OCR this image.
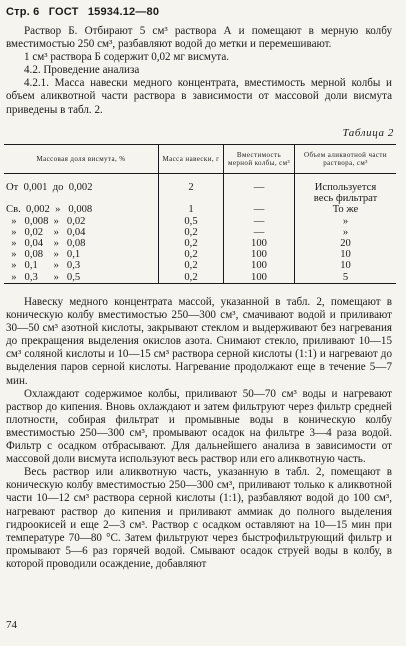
Стр. 6 ГОСТ 15934.12—80

Раствор Б. Отбирают 5 см³ раствора А и помещают в мерную колбу вместимостью 250 см³, разбавляют водой до метки и перемешивают.

1 см³ раствора Б содержит 0,02 мг висмута.

4.2. Проведение анализа

4.2.1. Масса навески медного концентрата, вместимость мерной колбы и объем аликвотной части раствора в зависимости от массовой доли висмута приведены в табл. 2.

Таблица 2
Массовая доля висмута, %	Масса навески, г	Вместимость мерной колбы, см³	Объем аликвотной части раствора, см³

От  0,001  до  0,002	2	—	Используется
			весь фильтрат
Св.  0,002  »   0,008	1	—	То же
»   0,008  »   0,02	0,5	—	»
»   0,02    »   0,04	0,2	—	»
»   0,04    »   0,08	0,2	100	20
»   0,08    »   0,1	0,2	100	10
»   0,1      »   0,3	0,2	100	10
»   0,3      »   0,5	0,2	100	5

Навеску медного концентрата массой, указанной в табл. 2, помещают в коническую колбу вместимостью 250—300 см³, смачивают водой и приливают 30—50 см³ азотной кислоты, закрывают стеклом и выдерживают без нагревания до прекращения выделения окислов азота. Снимают стекло, приливают 10—15 см³ соляной кислоты и 10—15 см³ раствора серной кислоты (1:1) и нагревают до выделения паров серной кислоты. Нагревание продолжают еще в течение 5—7 мин.

Охлаждают содержимое колбы, приливают 50—70 см³ воды и нагревают раствор до кипения. Вновь охлаждают и затем фильтруют через фильтр средней плотности, собирая фильтрат и промывные воды в коническую колбу вместимостью 250—300 см³, промывают осадок на фильтре 3—4 раза водой. Фильтр с осадком отбрасывают. Для дальнейшего анализа в зависимости от массовой доли висмута используют весь раствор или его аликвотную часть.

Весь раствор или аликвотную часть, указанную в табл. 2, помещают в коническую колбу вместимостью 250—300 см³, приливают только к аликвотной части 10—12 см³ раствора серной кислоты (1:1), разбавляют водой до 100 см³, нагревают раствор до кипения и приливают аммиак до полного выделения гидроокисей и еще 2—3 см³. Раствор с осадком оставляют на 10—15 мин при температуре 70—80 °С. Затем фильтруют через быстрофильтрующий фильтр и промывают 5—6 раз горячей водой. Смывают осадок струей воды в колбу, в которой проводили осаждение, добавляют

74
